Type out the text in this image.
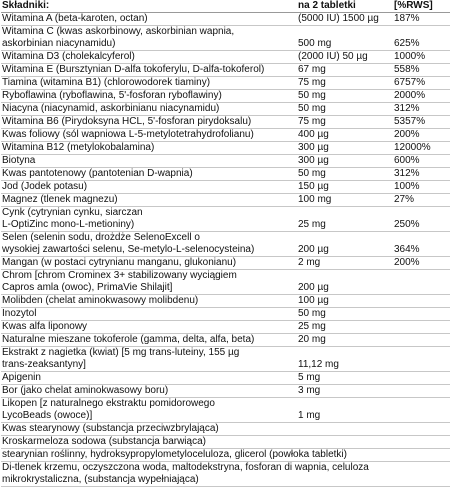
Składniki:	na 2 tabletki	[%RWS]
Witamina A (beta-karoten, octan)	(5000 IU) 1500 µg	187%
Witamina C (kwas askorbinowy, askorbinian wapnia,
askorbinian niacynamidu)	500 mg	625%
Witamina D3 (cholekalcyferol)	(2000 IU) 50 µg	1000%
Witamina E (Bursztynian D-alfa tokoferylu, D-alfa-tokoferol)	67 mg	558%
Tiamina (witamina B1) (chlorowodorek tiaminy)	75 mg	6757%
Ryboflawina (ryboflawina, 5'-fosforan ryboflawiny)	50 mg	2000%
Niacyna (niacynamid, askorbinianu niacynamidu)	50 mg	312%
Witamina B6 (Pirydoksyna HCL, 5'-fosforan pirydoksalu)	75 mg	5357%
Kwas foliowy (sól wapniowa L-5-metylotetrahydrofolianu)	400 µg	200%
Witamina B12 (metylokobalamina)	300 µg	12000%
Biotyna	300 µg	600%
Kwas pantotenowy (pantotenian D-wapnia)	50 mg	312%
Jod (Jodek potasu)	150 µg	100%
Magnez (tlenek magnezu)	100 mg	27%
Cynk (cytrynian cynku, siarczan
L-OptiZinc mono-L-metioniny)	25 mg	250%
Selen (selenin sodu, drożdże SelenoExcell o
wysokiej zawartości selenu, Se-metylo-L-selenocysteina)	200 µg	364%
Mangan (w postaci cytrynianu manganu, glukonianu)	2 mg	200%
Chrom [chrom Crominex 3+ stabilizowany wyciągiem
Capros amla (owoc), PrimaVie Shilajit]	200 µg	
Molibden (chelat aminokwasowy molibdenu)	100 µg	
Inozytol	50 mg	
Kwas alfa liponowy	25 mg	
Naturalne mieszane tokoferole (gamma, delta, alfa, beta)	20 mg	
Ekstrakt z nagietka (kwiat) [5 mg trans-luteiny, 155 µg
trans-zeaksantyny]	11,12 mg	
Apigenin	5 mg	
Bor (jako chelat aminokwasowy boru)	3 mg	
Likopen [z naturalnego ekstraktu pomidorowego
LycoBeads (owoce)]	1 mg	
Kwas stearynowy (substancja przeciwzbrylająca)		
Kroskarmeloza sodowa (substancja barwiąca)		
stearynian roślinny, hydroksypropylometyloceluloza, glicerol (powłoka tabletki)		
Di-tlenek krzemu, oczyszczona woda, maltodekstryna, fosforan di wapnia, celuloza
mikrokrystaliczna, (substancja wypełniająca)		
